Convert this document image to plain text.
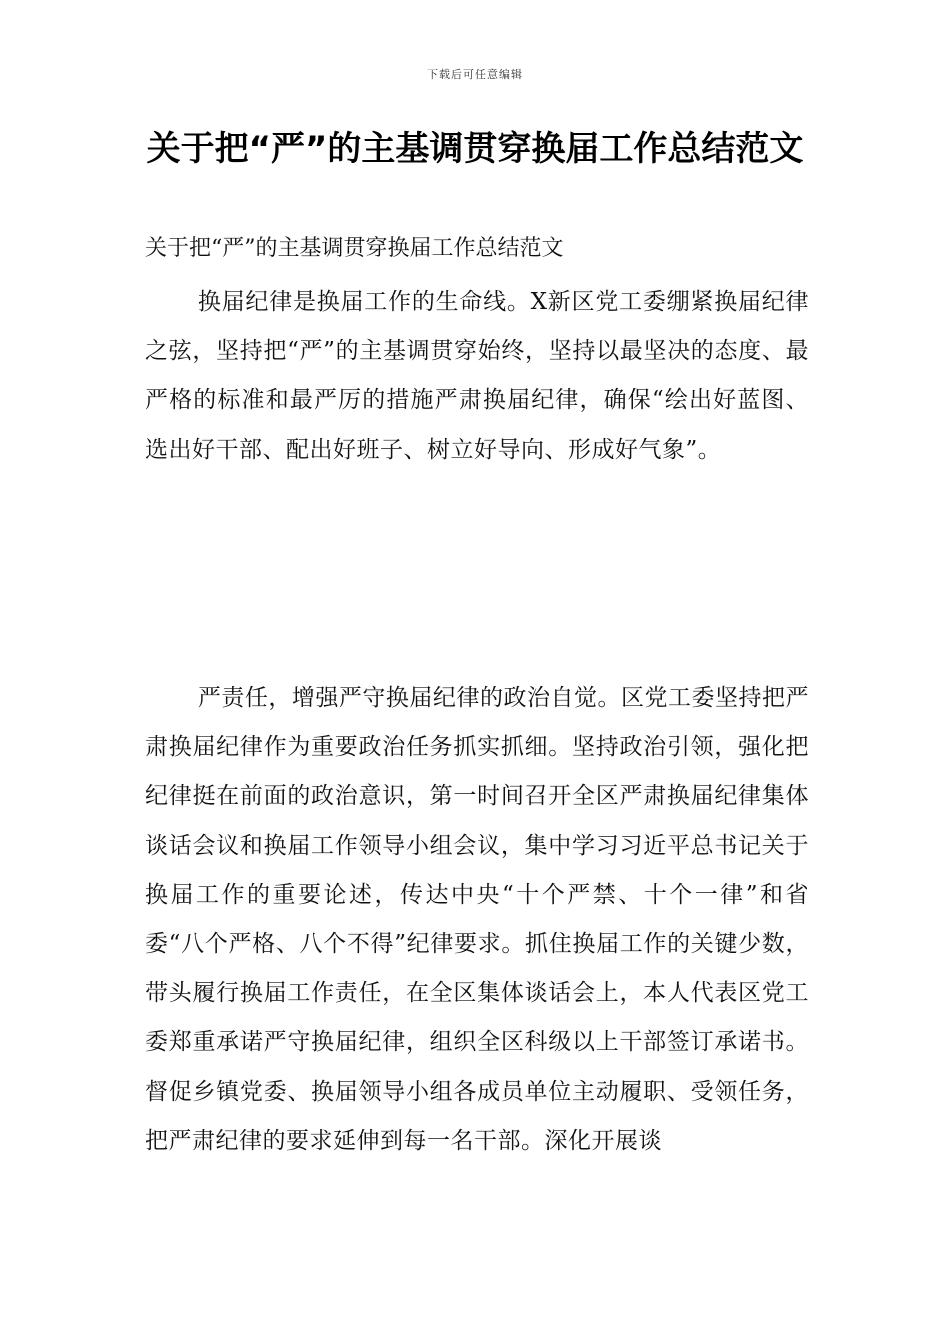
下载后可任意编辑
关于把“严”的主基调贯穿换届工作总结范文
关于把“严”的主基调贯穿换届工作总结范文

换届纪律是换届工作的生命线。X新区党工委绷紧换届纪律之弦，坚持把“严”的主基调贯穿始终，坚持以最坚决的态度、最严格的标准和最严厉的措施严肃换届纪律，确保“绘出好蓝图、选出好干部、配出好班子、树立好导向、形成好气象”。

严责任，增强严守换届纪律的政治自觉。区党工委坚持把严肃换届纪律作为重要政治任务抓实抓细。坚持政治引领，强化把纪律挺在前面的政治意识，第一时间召开全区严肃换届纪律集体谈话会议和换届工作领导小组会议，集中学习习近平总书记关于换届工作的重要论述，传达中央“十个严禁、十个一律”和省委“八个严格、八个不得”纪律要求。抓住换届工作的关键少数，带头履行换届工作责任，在全区集体谈话会上，本人代表区党工委郑重承诺严守换届纪律，组织全区科级以上干部签订承诺书。督促乡镇党委、换届领导小组各成员单位主动履职、受领任务，把严肃纪律的要求延伸到每一名干部。深化开展谈
